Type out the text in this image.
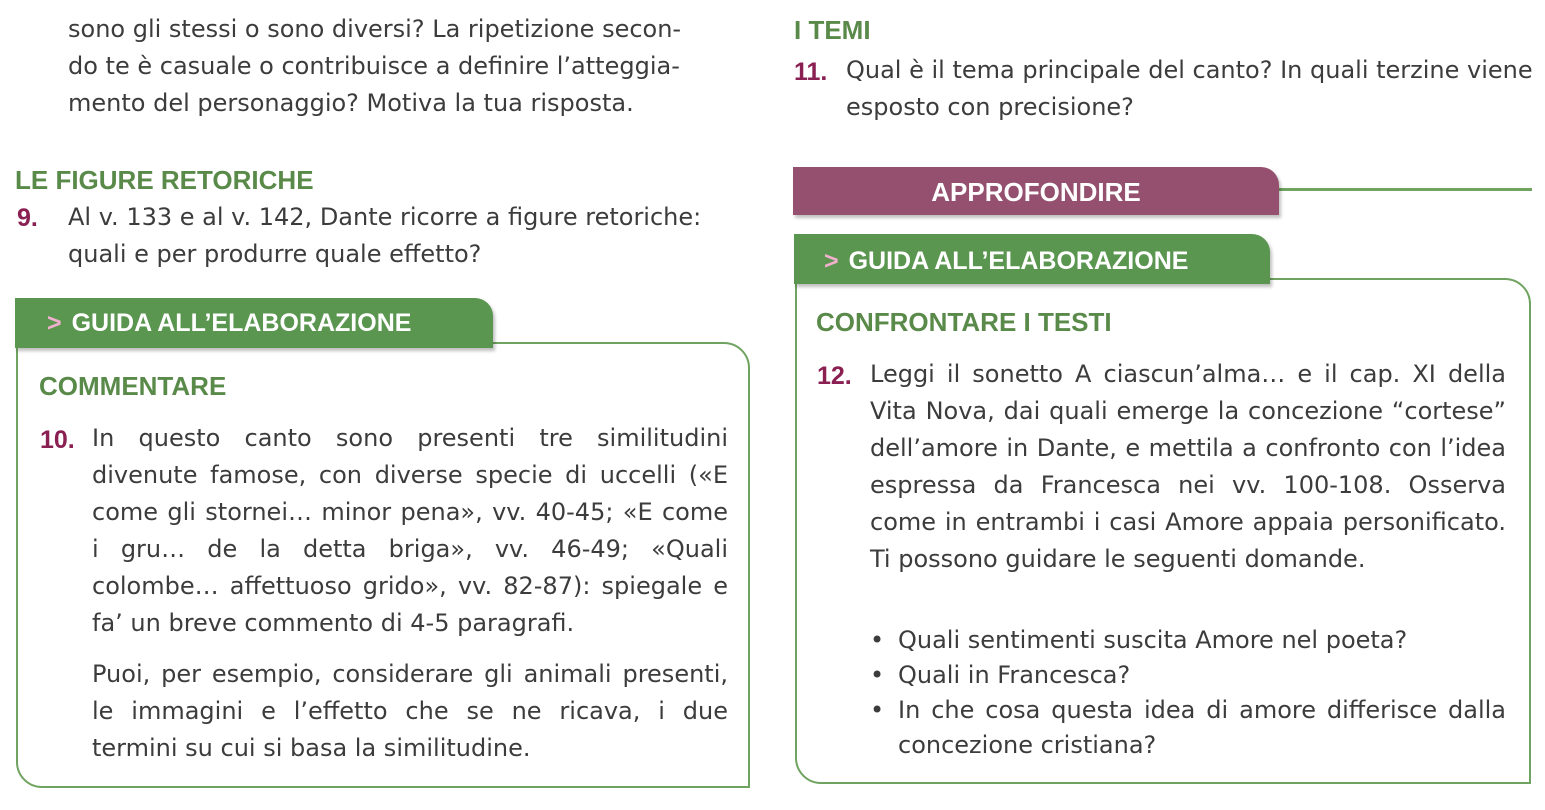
sono gli stessi o sono diversi? La ripetizione secon-
do te è casuale o contribuisce a definire l’atteggia-
mento del personaggio? Motiva la tua risposta.
LE FIGURE RETORICHE
9. Al v. 133 e al v. 142, Dante ricorre a figure retoriche: quali e per produrre quale effetto?
> GUIDA ALL’ELABORAZIONE
COMMENTARE
10. In questo canto sono presenti tre similitudini divenute famose, con diverse specie di uccelli («E come gli stornei… minor pena», vv. 40-45; «E come i gru… de la detta briga», vv. 46-49; «Quali colombe… affettuoso grido», vv. 82-87): spiegale e fa’ un breve commento di 4-5 paragrafi.
Puoi, per esempio, considerare gli animali presenti, le immagini e l’effetto che se ne ricava, i due termini su cui si basa la similitudine.
I TEMI
11. Qual è il tema principale del canto? In quali terzine viene esposto con precisione?
APPROFONDIRE
> GUIDA ALL’ELABORAZIONE
CONFRONTARE I TESTI
12. Leggi il sonetto A ciascun’alma… e il cap. XI della Vita Nova, dai quali emerge la concezione “cortese” dell’amore in Dante, e mettila a confronto con l’idea espressa da Francesca nei vv. 100-108. Osserva come in entrambi i casi Amore appaia personificato. Ti possono guidare le seguenti domande.
• Quali sentimenti suscita Amore nel poeta?
• Quali in Francesca?
• In che cosa questa idea di amore differisce dalla concezione cristiana?
